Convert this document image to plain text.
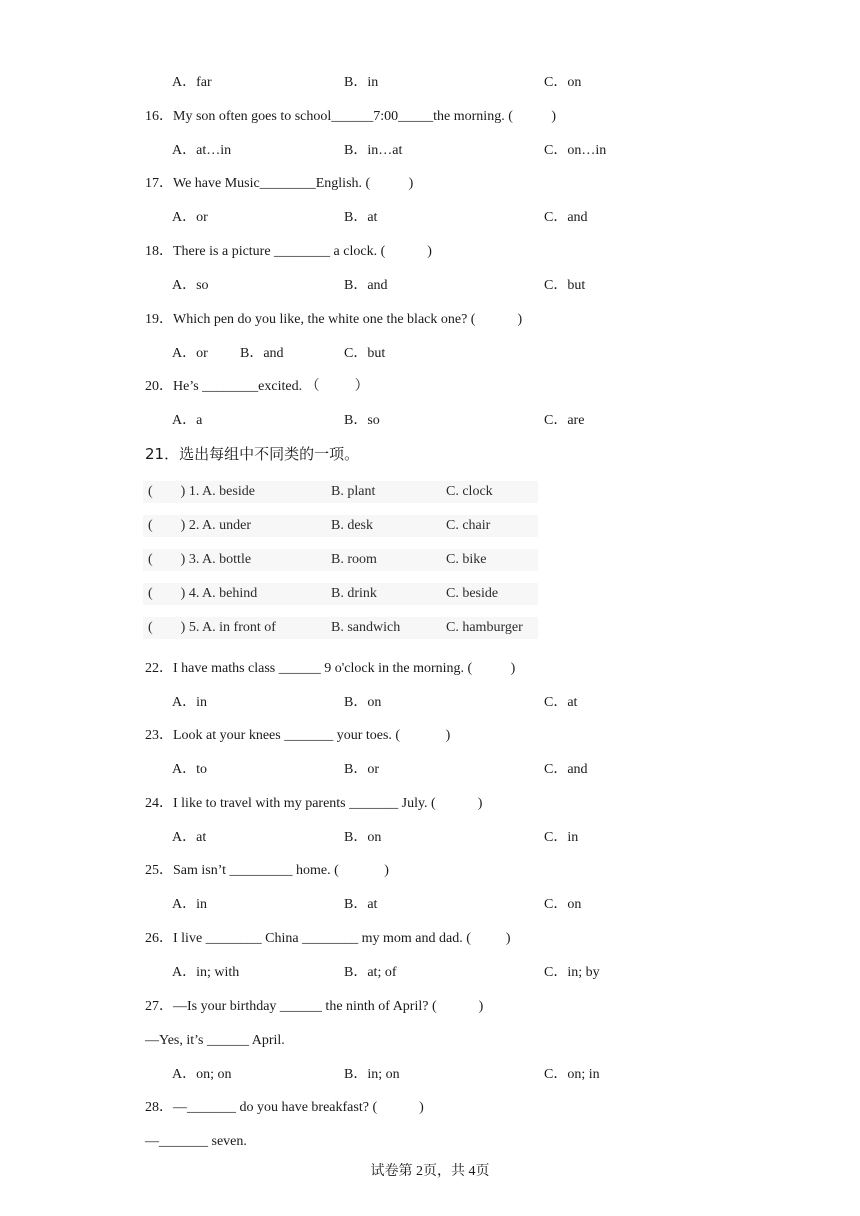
A．far	B．in	C．on
16．My son often goes to school______7:00_____the morning. (           )
A．at…in	B．in…at	C．on…in
17．We have Music________English. (           )
A．or	B．at	C．and
18．There is a picture ________ a clock. (            )
A．so	B．and	C．but
19．Which pen do you like, the white one the black one? (            )
A．or B．and	C．but
20．He’s ________excited. （          ）
A．a	B．so	C．are
21．选出每组中不同类的一项。
(        ) 1. A. beside	B. plant	C. clock
(        ) 2. A. under	B. desk	C. chair
(        ) 3. A. bottle	B. room	C. bike
(        ) 4. A. behind	B. drink	C. beside
(        ) 5. A. in front of	B. sandwich	C. hamburger
22．I have maths class ______ 9 o'clock in the morning. (           )
A．in	B．on	C．at
23．Look at your knees _______ your toes. (             )
A．to	B．or	C．and
24．I like to travel with my parents _______ July. (            )
A．at	B．on	C．in
25．Sam isn’t _________ home. (             )
A．in	B．at	C．on
26．I live ________ China ________ my mom and dad. (          )
A．in; with	B．at; of	C．in; by
27．—Is your birthday ______ the ninth of April? (            )
—Yes, it’s ______ April.
A．on; on	B．in; on	C．on; in
28．—_______ do you have breakfast? (            )
—_______ seven.
试卷第 2页，共 4页
